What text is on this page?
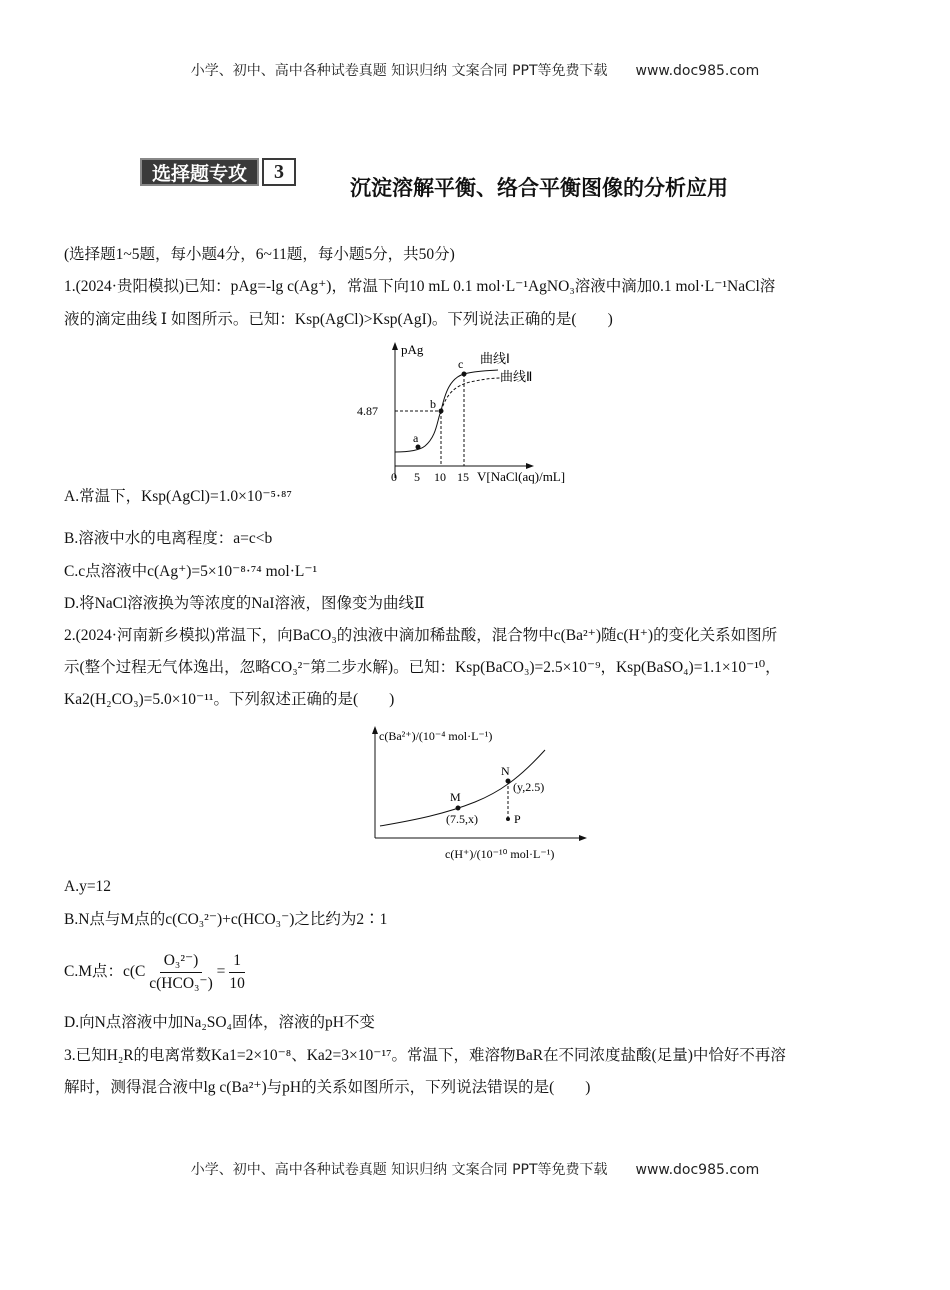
小学、初中、高中各种试卷真题 知识归纳 文案合同 PPT等免费下载 www.doc985.com
选择题专攻	3
沉淀溶解平衡、络合平衡图像的分析应用
(选择题1~5题，每小题4分，6~11题，每小题5分，共50分)
1.(2024·贵阳模拟)已知：pAg=-lg c(Ag⁺)，常温下向10 mL 0.1 mol·L⁻¹AgNO₃溶液中滴加0.1 mol·L⁻¹NaCl溶
液的滴定曲线 Ⅰ 如图所示。已知：Ksp(AgCl)>Ksp(AgI)。下列说法正确的是(　　)
pAg
4.87
a
b
c 曲线Ⅰ
曲线Ⅱ
0 5 10 15 V[NaCl(aq)/mL]
A.常温下，Ksp(AgCl)=1.0×10⁻⁵·⁸⁷
B.溶液中水的电离程度：a=c<b
C.c点溶液中c(Ag⁺)=5×10⁻⁸·⁷⁴ mol·L⁻¹
D.将NaCl溶液换为等浓度的NaI溶液，图像变为曲线Ⅱ
2.(2024·河南新乡模拟)常温下，向BaCO₃的浊液中滴加稀盐酸，混合物中c(Ba²⁺)随c(H⁺)的变化关系如图所
示(整个过程无气体逸出，忽略CO₃²⁻第二步水解)。已知：Ksp(BaCO₃)=2.5×10⁻⁹，Ksp(BaSO₄)=1.1×10⁻¹⁰，
Ka2(H₂CO₃)=5.0×10⁻¹¹。下列叙述正确的是(　　)
c(Ba²⁺)/(10⁻⁴ mol·L⁻¹)
M
(7.5,x)
N
(y,2.5)
P
c(H⁺)/(10⁻¹⁰ mol·L⁻¹)
A.y=12
B.N点与M点的c(CO₃²⁻)+c(HCO₃⁻)之比约为2∶1
C.M点：$c(C \frac{\text{O₃²⁻)}}{\text{c(HCO₃⁻)}} = \frac{1}{10}$
D.向N点溶液中加Na₂SO₄固体，溶液的pH不变
3.已知H₂R的电离常数Ka1=2×10⁻⁸、Ka2=3×10⁻¹⁷。常温下，难溶物BaR在不同浓度盐酸(足量)中恰好不再溶
解时，测得混合液中lg c(Ba²⁺)与pH的关系如图所示，下列说法错误的是(　　)
小学、初中、高中各种试卷真题 知识归纳 文案合同 PPT等免费下载 www.doc985.com
